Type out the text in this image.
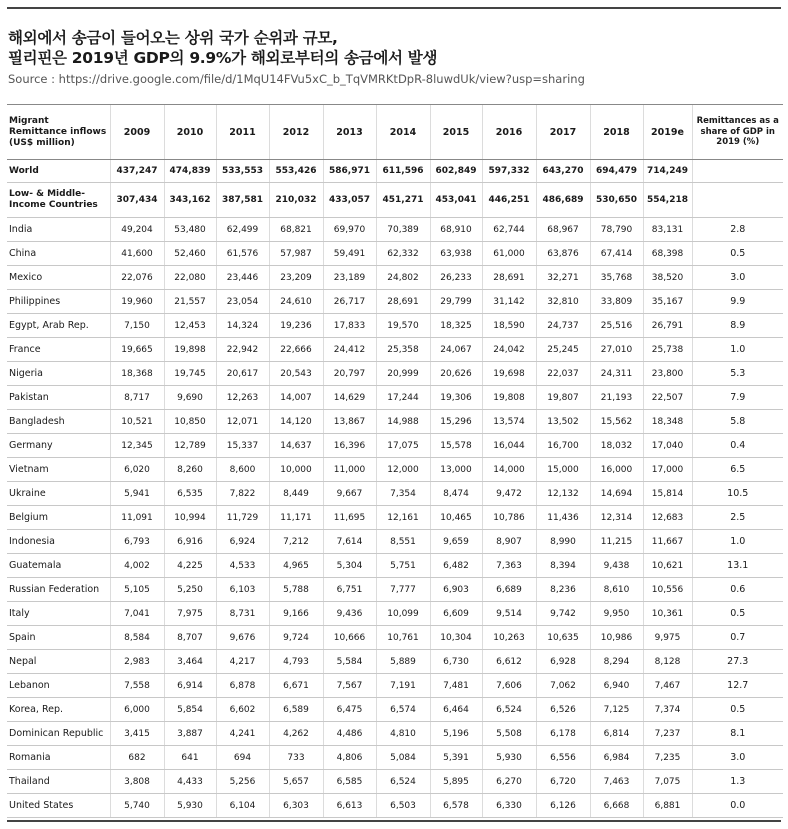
해외에서 송금이 들어오는 상위 국가 순위과 규모,
필리핀은 2019년 GDP의 9.9%가 해외로부터의 송금에서 발생
Source : https://drive.google.com/file/d/1MqU14FVu5xC_b_TqVMRKtDpR-8luwdUk/view?usp=sharing
Migrant Remittance inflows (US$ million)	2009	2010	2011	2012	2013	2014	2015	2016	2017	2018	2019e	Remittances as a share of GDP in 2019 (%)
World	437,247	474,839	533,553	553,426	586,971	611,596	602,849	597,332	643,270	694,479	714,249	
Low- & Middle-Income Countries	307,434	343,162	387,581	210,032	433,057	451,271	453,041	446,251	486,689	530,650	554,218	
India	49,204	53,480	62,499	68,821	69,970	70,389	68,910	62,744	68,967	78,790	83,131	2.8
China	41,600	52,460	61,576	57,987	59,491	62,332	63,938	61,000	63,876	67,414	68,398	0.5
Mexico	22,076	22,080	23,446	23,209	23,189	24,802	26,233	28,691	32,271	35,768	38,520	3.0
Philippines	19,960	21,557	23,054	24,610	26,717	28,691	29,799	31,142	32,810	33,809	35,167	9.9
Egypt, Arab Rep.	7,150	12,453	14,324	19,236	17,833	19,570	18,325	18,590	24,737	25,516	26,791	8.9
France	19,665	19,898	22,942	22,666	24,412	25,358	24,067	24,042	25,245	27,010	25,738	1.0
Nigeria	18,368	19,745	20,617	20,543	20,797	20,999	20,626	19,698	22,037	24,311	23,800	5.3
Pakistan	8,717	9,690	12,263	14,007	14,629	17,244	19,306	19,808	19,807	21,193	22,507	7.9
Bangladesh	10,521	10,850	12,071	14,120	13,867	14,988	15,296	13,574	13,502	15,562	18,348	5.8
Germany	12,345	12,789	15,337	14,637	16,396	17,075	15,578	16,044	16,700	18,032	17,040	0.4
Vietnam	6,020	8,260	8,600	10,000	11,000	12,000	13,000	14,000	15,000	16,000	17,000	6.5
Ukraine	5,941	6,535	7,822	8,449	9,667	7,354	8,474	9,472	12,132	14,694	15,814	10.5
Belgium	11,091	10,994	11,729	11,171	11,695	12,161	10,465	10,786	11,436	12,314	12,683	2.5
Indonesia	6,793	6,916	6,924	7,212	7,614	8,551	9,659	8,907	8,990	11,215	11,667	1.0
Guatemala	4,002	4,225	4,533	4,965	5,304	5,751	6,482	7,363	8,394	9,438	10,621	13.1
Russian Federation	5,105	5,250	6,103	5,788	6,751	7,777	6,903	6,689	8,236	8,610	10,556	0.6
Italy	7,041	7,975	8,731	9,166	9,436	10,099	6,609	9,514	9,742	9,950	10,361	0.5
Spain	8,584	8,707	9,676	9,724	10,666	10,761	10,304	10,263	10,635	10,986	9,975	0.7
Nepal	2,983	3,464	4,217	4,793	5,584	5,889	6,730	6,612	6,928	8,294	8,128	27.3
Lebanon	7,558	6,914	6,878	6,671	7,567	7,191	7,481	7,606	7,062	6,940	7,467	12.7
Korea, Rep.	6,000	5,854	6,602	6,589	6,475	6,574	6,464	6,524	6,526	7,125	7,374	0.5
Dominican Republic	3,415	3,887	4,241	4,262	4,486	4,810	5,196	5,508	6,178	6,814	7,237	8.1
Romania	682	641	694	733	4,806	5,084	5,391	5,930	6,556	6,984	7,235	3.0
Thailand	3,808	4,433	5,256	5,657	6,585	6,524	5,895	6,270	6,720	7,463	7,075	1.3
United States	5,740	5,930	6,104	6,303	6,613	6,503	6,578	6,330	6,126	6,668	6,881	0.0
